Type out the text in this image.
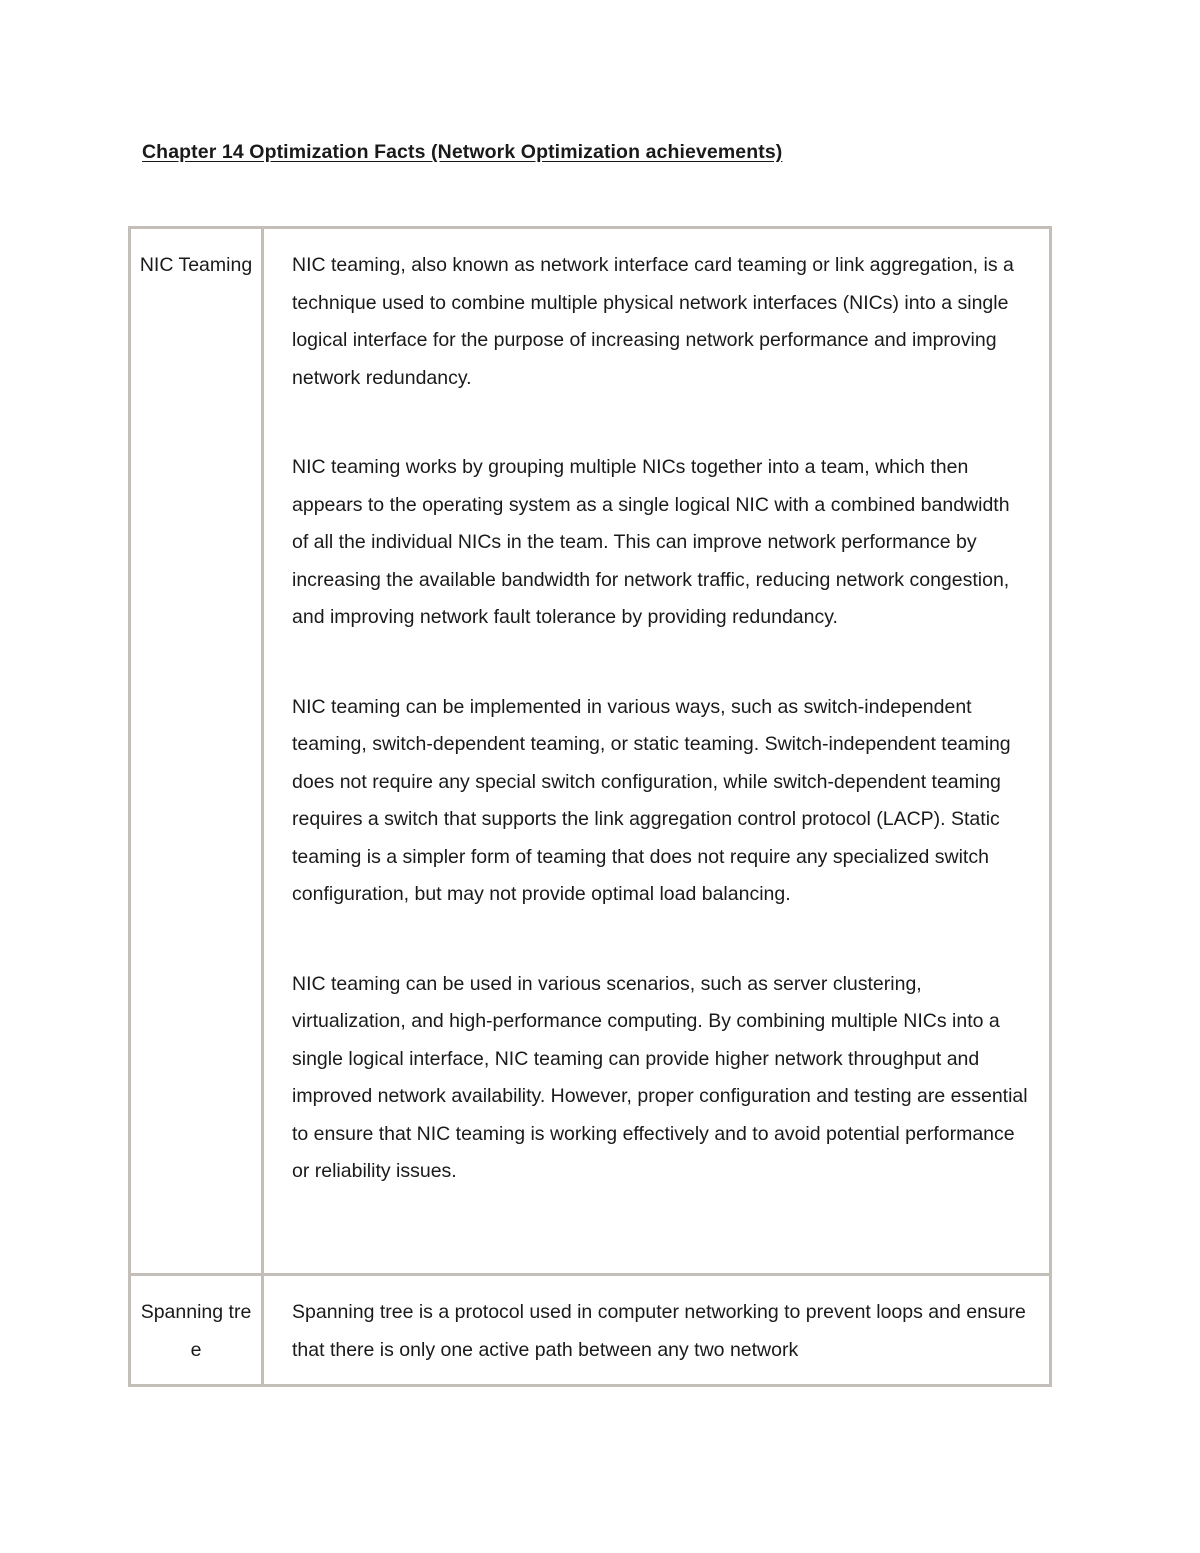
Chapter 14 Optimization Facts (Network Optimization achievements)
NIC Teaming	NIC teaming, also known as network interface card teaming or link aggregation, is a technique used to combine multiple physical network interfaces (NICs) into a single logical interface for the purpose of increasing network performance and improving network redundancy.

NIC teaming works by grouping multiple NICs together into a team, which then appears to the operating system as a single logical NIC with a combined bandwidth of all the individual NICs in the team. This can improve network performance by increasing the available bandwidth for network traffic, reducing network congestion, and improving network fault tolerance by providing redundancy.

NIC teaming can be implemented in various ways, such as switch-independent teaming, switch-dependent teaming, or static teaming. Switch-independent teaming does not require any special switch configuration, while switch-dependent teaming requires a switch that supports the link aggregation control protocol (LACP). Static teaming is a simpler form of teaming that does not require any specialized switch configuration, but may not provide optimal load balancing.

NIC teaming can be used in various scenarios, such as server clustering, virtualization, and high-performance computing. By combining multiple NICs into a single logical interface, NIC teaming can provide higher network throughput and improved network availability. However, proper configuration and testing are essential to ensure that NIC teaming is working effectively and to avoid potential performance or reliability issues.

Spanning tree	Spanning tree is a protocol used in computer networking to prevent loops and ensure that there is only one active path between any two network
